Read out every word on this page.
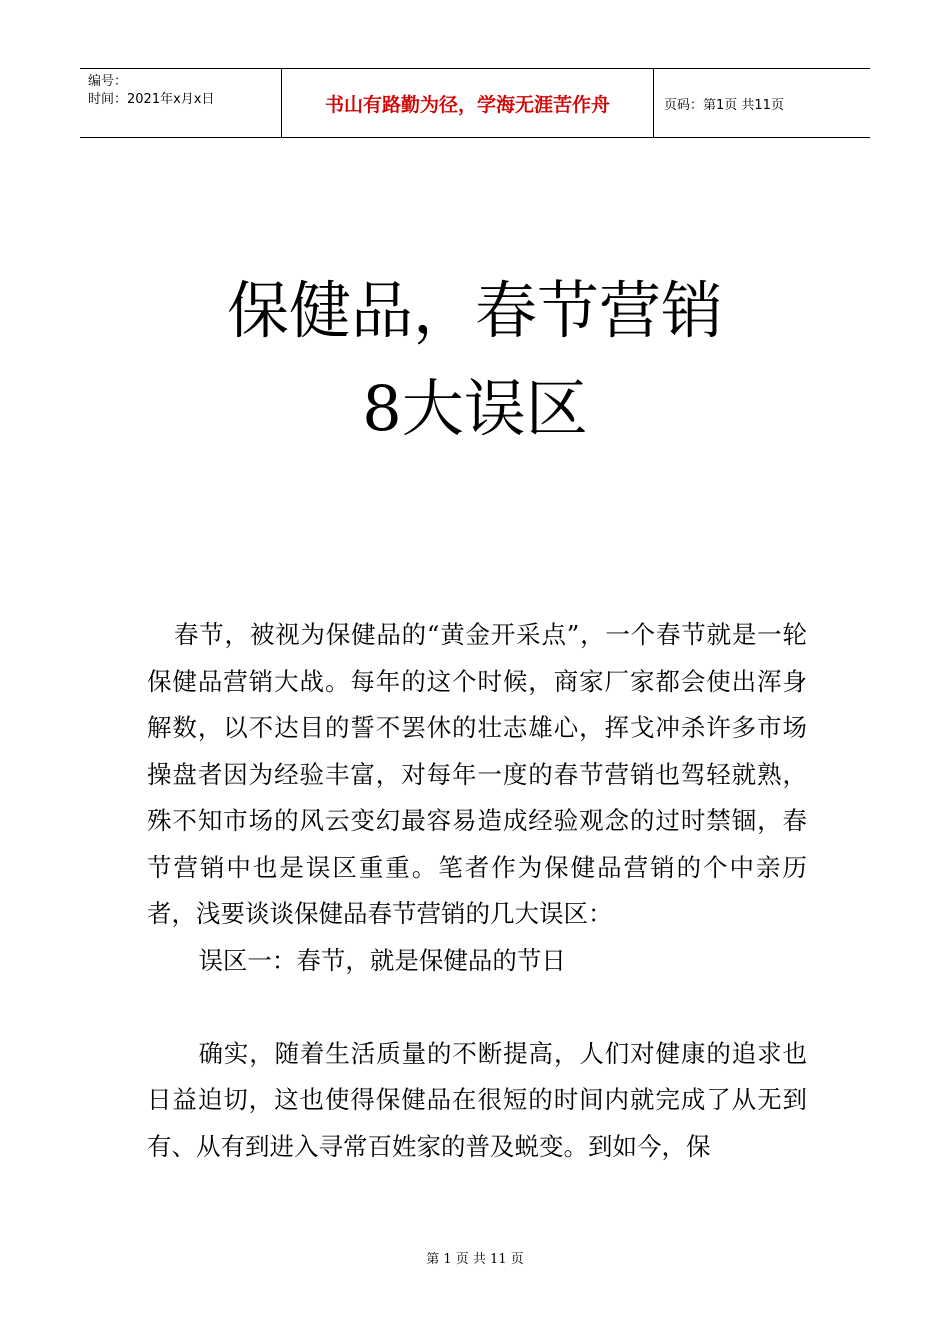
编号：
时间：2021年x月x日	书山有路勤为径，学海无涯苦作舟	页码：第1页 共11页
保健品，春节营销
8大误区

春节，被视为保健品的“黄金开采点”，一个春节就是一轮保健品营销大战。每年的这个时候，商家厂家都会使出浑身解数，以不达目的誓不罢休的壮志雄心，挥戈冲杀许多市场操盘者因为经验丰富，对每年一度的春节营销也驾轻就熟，殊不知市场的风云变幻最容易造成经验观念的过时禁锢，春节营销中也是误区重重。笔者作为保健品营销的个中亲历者，浅要谈谈保健品春节营销的几大误区：

误区一：春节，就是保健品的节日

确实，随着生活质量的不断提高，人们对健康的追求也日益迫切，这也使得保健品在很短的时间内就完成了从无到有、从有到进入寻常百姓家的普及蜕变。到如今，保

第 1 页 共 11 页
